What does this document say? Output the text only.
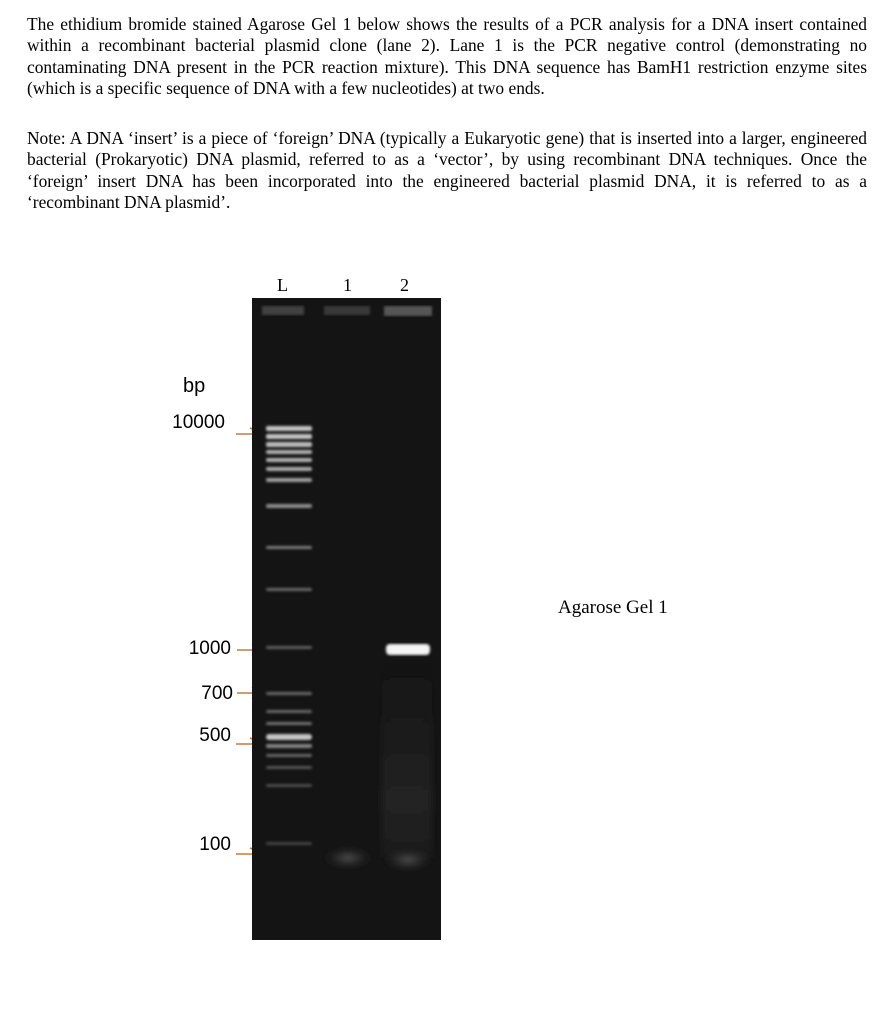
The ethidium bromide stained Agarose Gel 1 below shows the results of a PCR analysis for a DNA insert contained within a recombinant bacterial plasmid clone (lane 2). Lane 1 is the PCR negative control (demonstrating no contaminating DNA present in the PCR reaction mixture). This DNA sequence has BamH1 restriction enzyme sites (which is a specific sequence of DNA with a few nucleotides) at two ends.

Note: A DNA ‘insert’ is a piece of ‘foreign’ DNA (typically a Eukaryotic gene) that is inserted into a larger, engineered bacterial (Prokaryotic) DNA plasmid, referred to as a ‘vector’, by using recombinant DNA techniques. Once the ‘foreign’ insert DNA has been incorporated into the engineered bacterial plasmid DNA, it is referred to as a ‘recombinant DNA plasmid’.

L	1	2
bp
10000
1000
700
500
100
Agarose Gel 1
